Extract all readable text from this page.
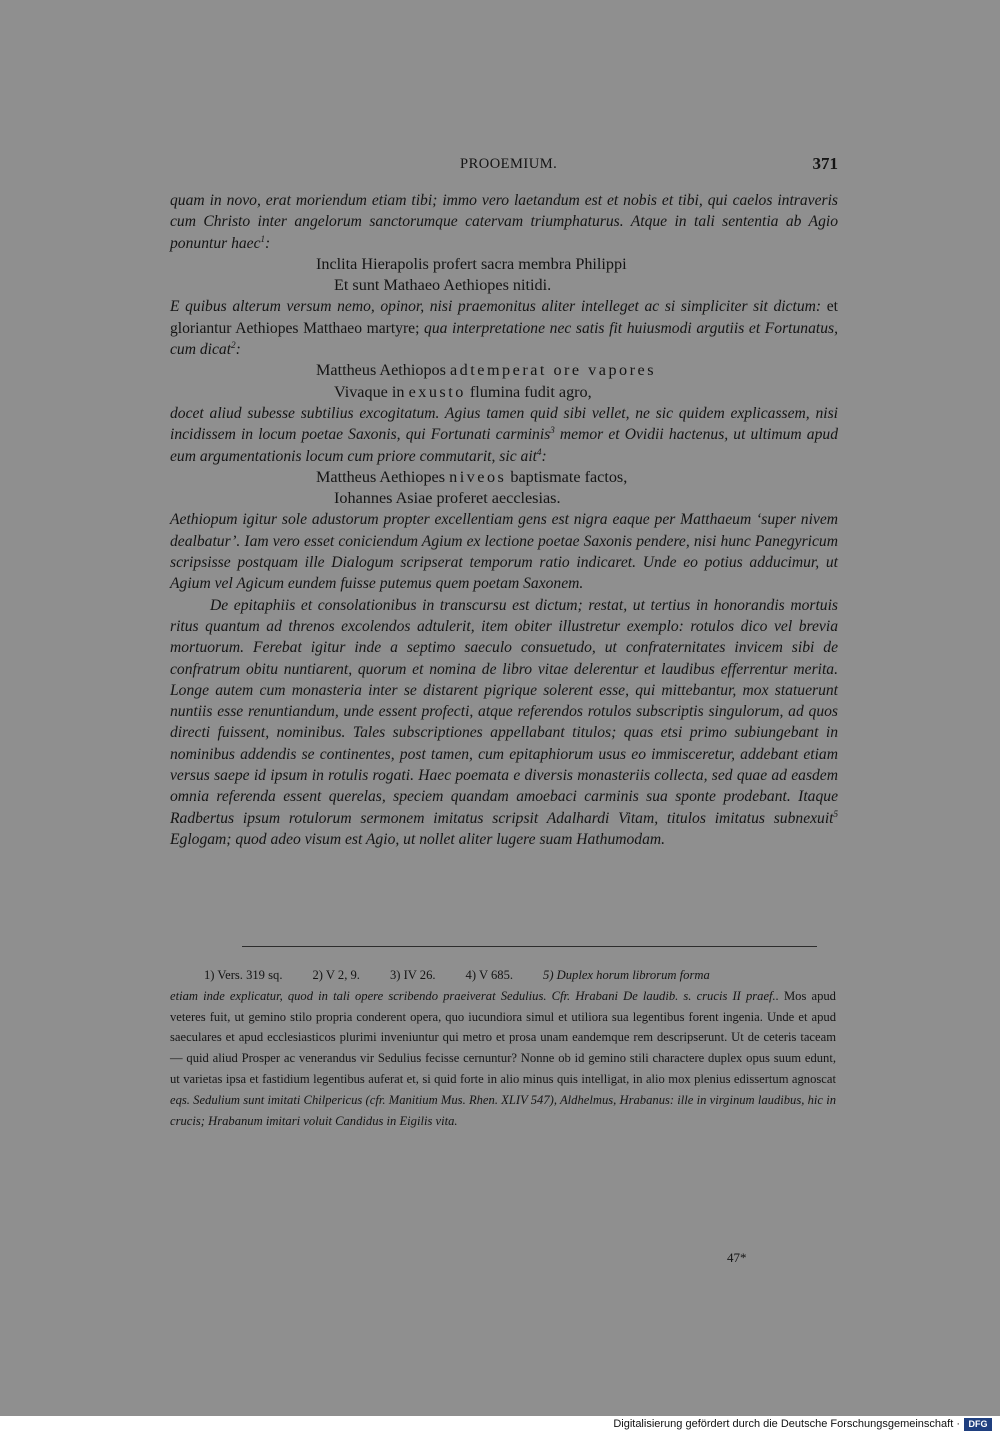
PROOEMIUM.	371

quam in novo, erat moriendum etiam tibi; immo vero laetandum est et nobis et tibi, qui caelos intraveris cum Christo inter angelorum sanctorumque catervam triumphaturus. Atque in tali sententia ab Agio ponuntur haec$^1$:

Inclita Hierapolis profert sacra membra Philippi

Et sunt Mathaeo Aethiopes nitidi.

E quibus alterum versum nemo, opinor, nisi praemonitus aliter intelleget ac si simpliciter sit dictum: et gloriantur Aethiopes Matthaeo martyre; qua interpretatione nec satis fit huiusmodi argutiis et Fortunatus, cum dicat$^2$:

Mattheus Aethiopos adtemperat ore vapores

Vivaque in exusto flumina fudit agro,

docet aliud subesse subtilius excogitatum. Agius tamen quid sibi vellet, ne sic quidem explicassem, nisi incidissem in locum poetae Saxonis, qui Fortunati carminis$^3$ memor et Ovidii hactenus, ut ultimum apud eum argumentationis locum cum priore commutarit, sic ait$^4$:

Mattheus Aethiopes niveos baptismate factos,

Iohannes Asiae proferet aecclesias.

Aethiopum igitur sole adustorum propter excellentiam gens est nigra eaque per Matthaeum ‘super nivem dealbatur’. Iam vero esset coniciendum Agium ex lectione poetae Saxonis pendere, nisi hunc Panegyricum scripsisse postquam ille Dialogum scripserat temporum ratio indicaret. Unde eo potius adducimur, ut Agium vel Agicum eundem fuisse putemus quem poetam Saxonem.

De epitaphiis et consolationibus in transcursu est dictum; restat, ut tertius in honorandis mortuis ritus quantum ad threnos excolendos adtulerit, item obiter illustretur exemplo: rotulos dico vel brevia mortuorum. Ferebat igitur inde a septimo saeculo consuetudo, ut confraternitates invicem sibi de confratrum obitu nuntiarent, quorum et nomina de libro vitae delerentur et laudibus efferrentur merita. Longe autem cum monasteria inter se distarent pigrique solerent esse, qui mittebantur, mox statuerunt nuntiis esse renuntiandum, unde essent profecti, atque referendos rotulos subscriptis singulorum, ad quos directi fuissent, nominibus. Tales subscriptiones appellabant titulos; quas etsi primo subiungebant in nominibus addendis se continentes, post tamen, cum epitaphiorum usus eo immisceretur, addebant etiam versus saepe id ipsum in rotulis rogati. Haec poemata e diversis monasteriis collecta, sed quae ad easdem omnia referenda essent querelas, speciem quandam amoebaci carminis sua sponte prodebant. Itaque Radbertus ipsum rotulorum sermonem imitatus scripsit Adalhardi Vitam, titulos imitatus subnexuit$^5$ Eglogam; quod adeo visum est Agio, ut nollet aliter lugere suam Hathumodam.

1) Vers. 319 sq. 2) V 2, 9. 3) IV 26. 4) V 685. 5) Duplex horum librorum forma

etiam inde explicatur, quod in tali opere scribendo praeiverat Sedulius. Cfr. Hrabani De laudib. s. crucis II praef.. Mos apud veteres fuit, ut gemino stilo propria conderent opera, quo iucundiora simul et utiliora sua legentibus forent ingenia. Unde et apud saeculares et apud ecclesiasticos plurimi inveniuntur qui metro et prosa unam eandemque rem descripserunt. Ut de ceteris taceam — quid aliud Prosper ac venerandus vir Sedulius fecisse cernuntur? Nonne ob id gemino stili charactere duplex opus suum edunt, ut varietas ipsa et fastidium legentibus auferat et, si quid forte in alio minus quis intelligat, in alio mox plenius edissertum agnoscat eqs. Sedulium sunt imitati Chilpericus (cfr. Manitium Mus. Rhen. XLIV 547), Aldhelmus, Hrabanus: ille in virginum laudibus, hic in crucis; Hrabanum imitari voluit Candidus in Eigilis vita.

47*
Digitalisierung gefördert durch die Deutsche Forschungsgemeinschaft · DFG
